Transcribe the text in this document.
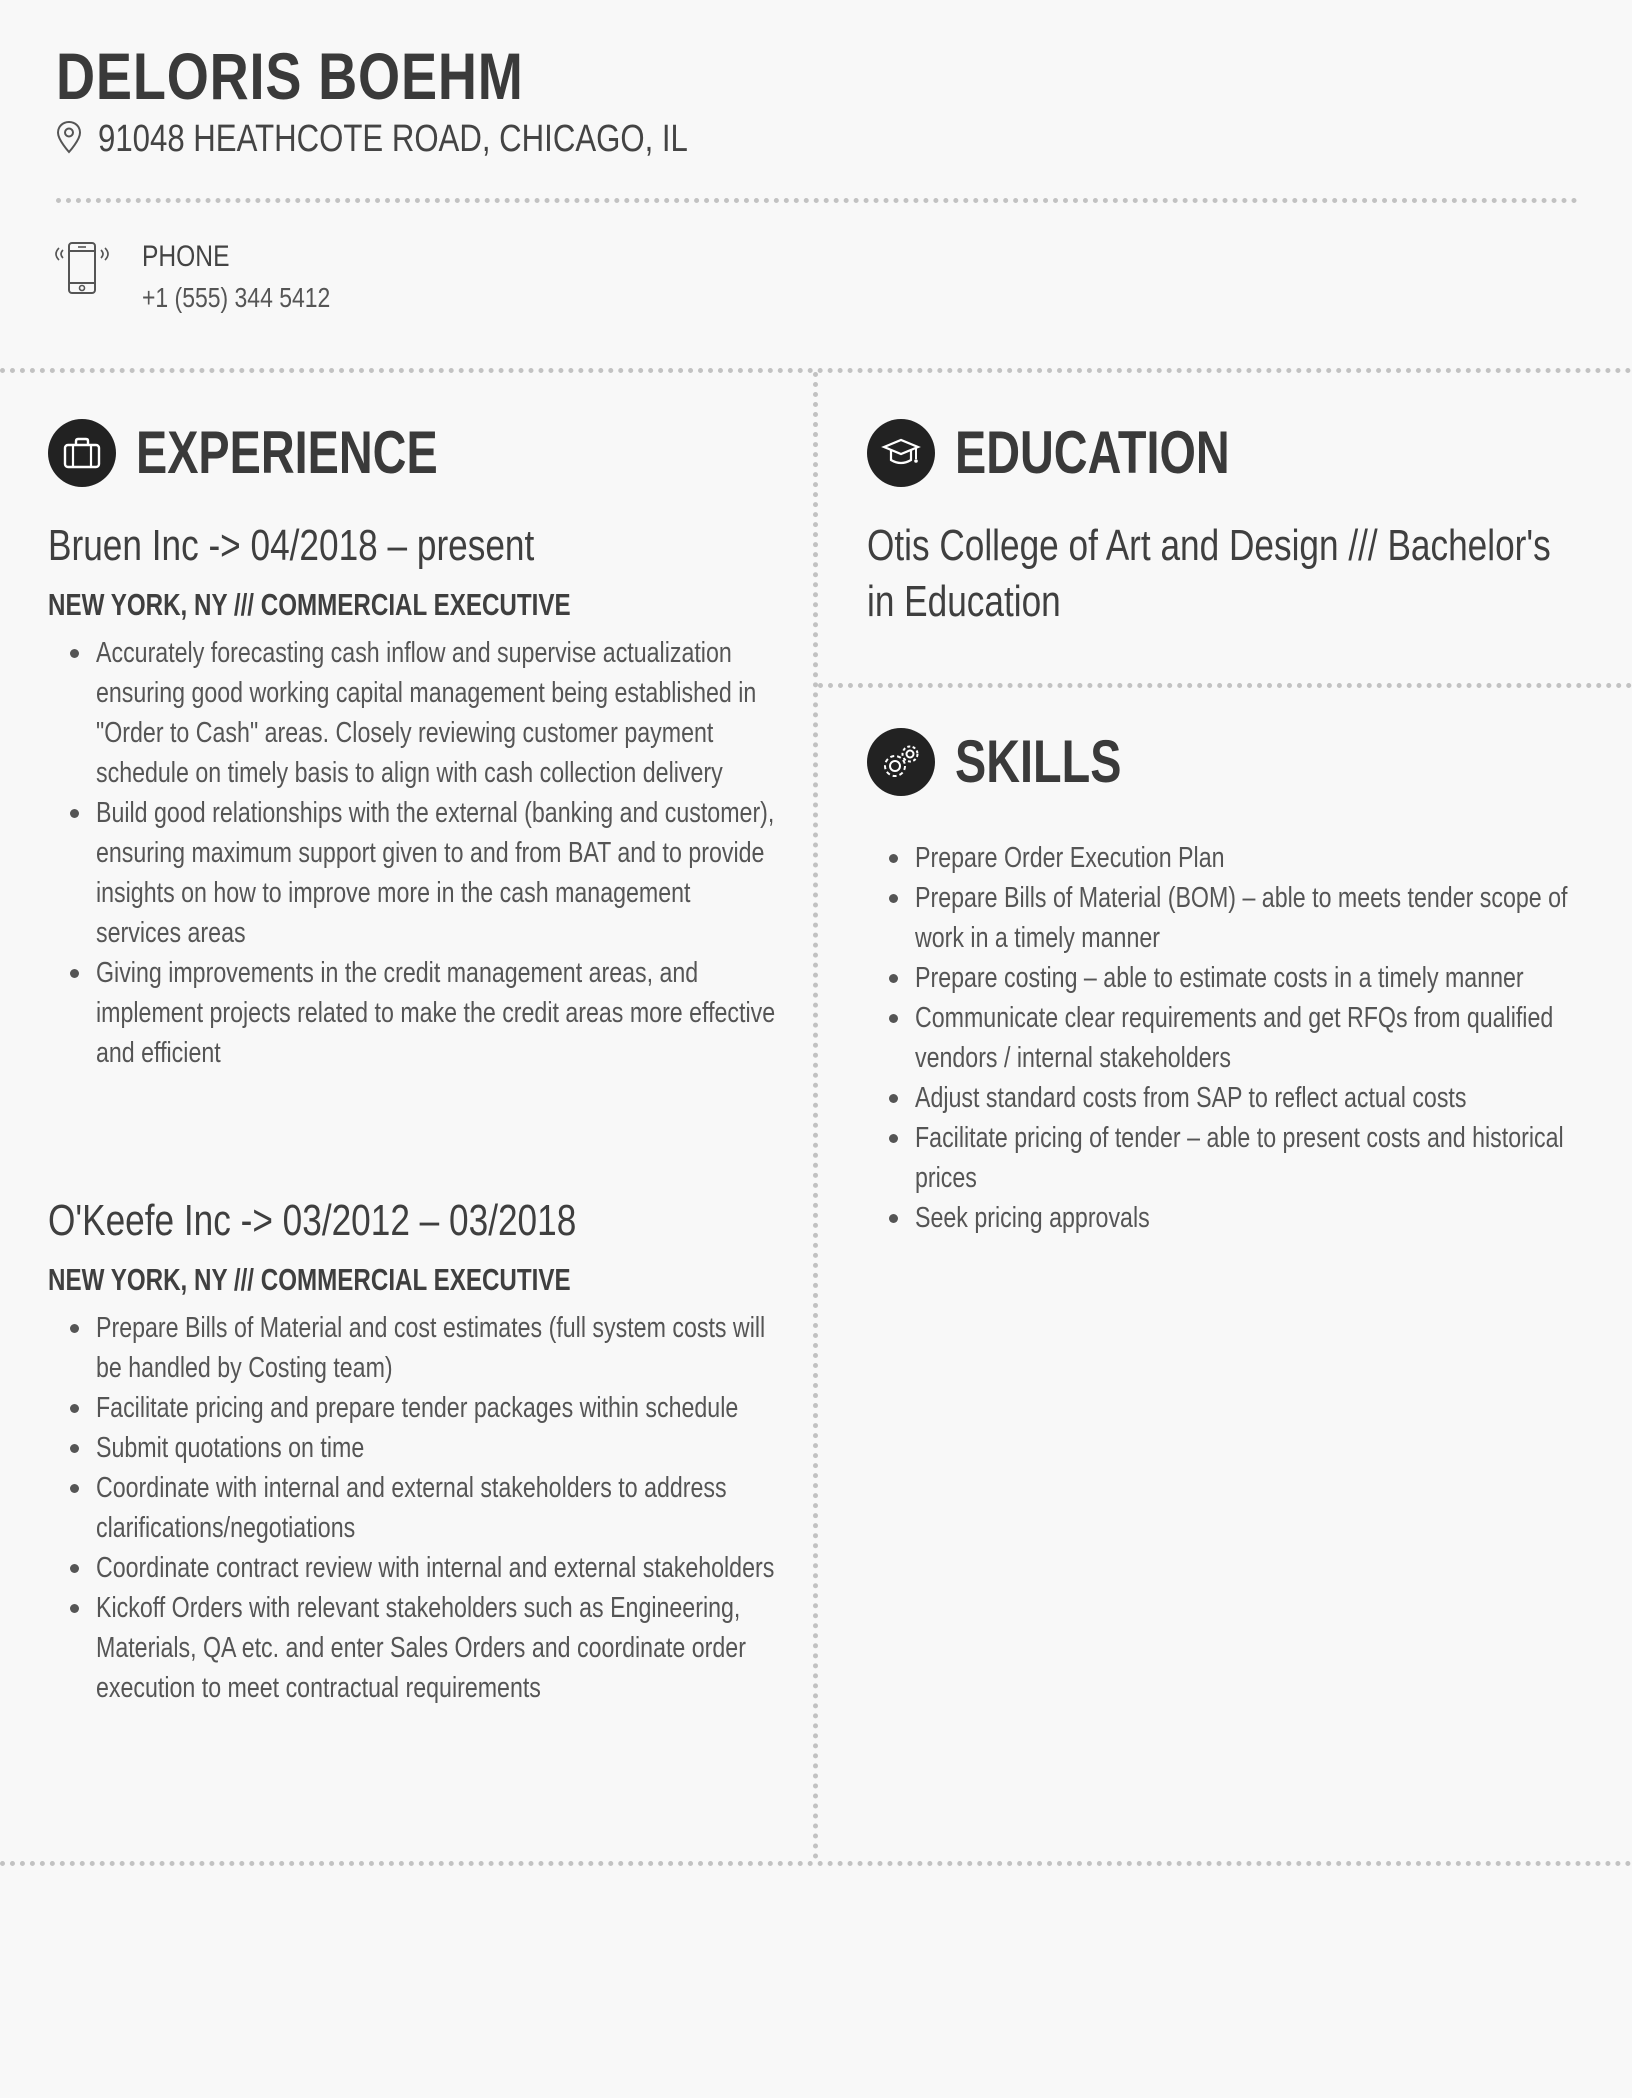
DELORIS BOEHM
91048 HEATHCOTE ROAD, CHICAGO, IL
PHONE
+1 (555) 344 5412
EXPERIENCE
Bruen Inc -> 04/2018 – present
NEW YORK, NY /// COMMERCIAL EXECUTIVE
Accurately forecasting cash inflow and supervise actualization ensuring good working capital management being established in "Order to Cash" areas. Closely reviewing customer payment schedule on timely basis to align with cash collection delivery
Build good relationships with the external (banking and customer), ensuring maximum support given to and from BAT and to provide insights on how to improve more in the cash management services areas
Giving improvements in the credit management areas, and implement projects related to make the credit areas more effective and efficient
O'Keefe Inc -> 03/2012 – 03/2018
NEW YORK, NY /// COMMERCIAL EXECUTIVE
Prepare Bills of Material and cost estimates (full system costs will be handled by Costing team)
Facilitate pricing and prepare tender packages within schedule
Submit quotations on time
Coordinate with internal and external stakeholders to address clarifications/negotiations
Coordinate contract review with internal and external stakeholders
Kickoff Orders with relevant stakeholders such as Engineering, Materials, QA etc. and enter Sales Orders and coordinate order execution to meet contractual requirements
EDUCATION
Otis College of Art and Design /// Bachelor's in Education
SKILLS
Prepare Order Execution Plan
Prepare Bills of Material (BOM) – able to meets tender scope of work in a timely manner
Prepare costing – able to estimate costs in a timely manner
Communicate clear requirements and get RFQs from qualified vendors / internal stakeholders
Adjust standard costs from SAP to reflect actual costs
Facilitate pricing of tender – able to present costs and historical prices
Seek pricing approvals
